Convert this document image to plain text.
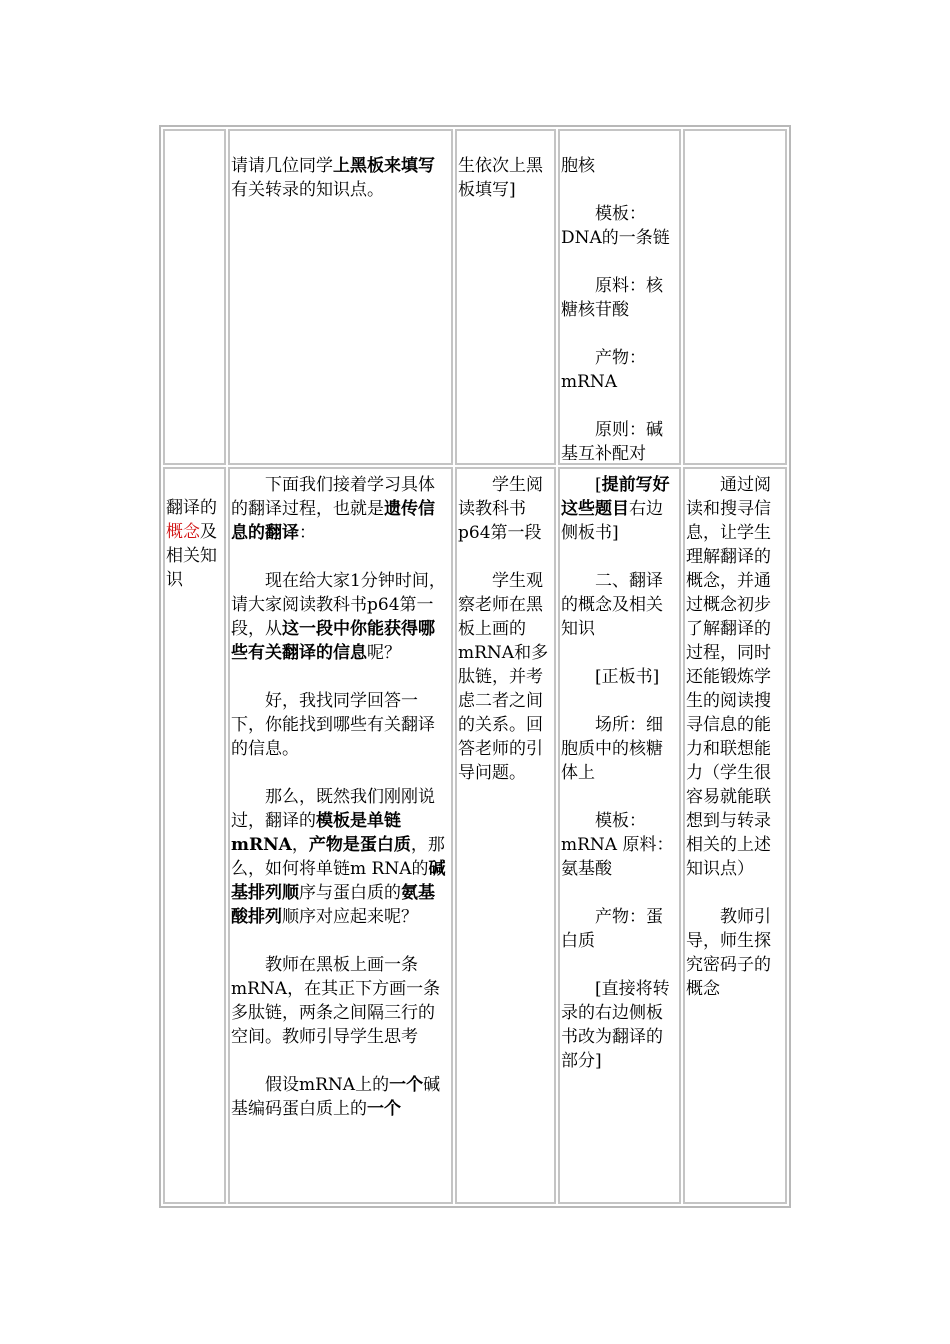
请请几位同学上黑板来填写有关转录的知识点。

生依次上黑板填写]

胞核

模板：DNA的一条链

原料：核糖核苷酸

产物：mRNA

原则：碱基互补配对

翻译的概念及相关知识

下面我们接着学习具体的翻译过程，也就是遗传信息的翻译：

现在给大家1分钟时间，请大家阅读教科书p64第一段，从这一段中你能获得哪些有关翻译的信息呢？

好，我找同学回答一下，你能找到哪些有关翻译的信息。

那么，既然我们刚刚说过，翻译的模板是单链mRNA，产物是蛋白质，那么，如何将单链m RNA的碱基排列顺序与蛋白质的氨基酸排列顺序对应起来呢？

教师在黑板上画一条mRNA，在其正下方画一条多肽链，两条之间隔三行的空间。教师引导学生思考

假设mRNA上的一个碱基编码蛋白质上的一个

学生阅读教科书p64第一段

学生观察老师在黑板上画的mRNA和多肽链，并考虑二者之间的关系。回答老师的引导问题。

[提前写好这些题目右边侧板书]

二、翻译的概念及相关知识

[正板书]

场所：细胞质中的核糖体上

模板：mRNA 原料：氨基酸

产物：蛋白质

[直接将转录的右边侧板书改为翻译的部分]

通过阅读和搜寻信息，让学生理解翻译的概念，并通过概念初步了解翻译的过程，同时还能锻炼学生的阅读搜寻信息的能力和联想能力（学生很容易就能联想到与转录相关的上述知识点）

教师引导，师生探究密码子的概念
